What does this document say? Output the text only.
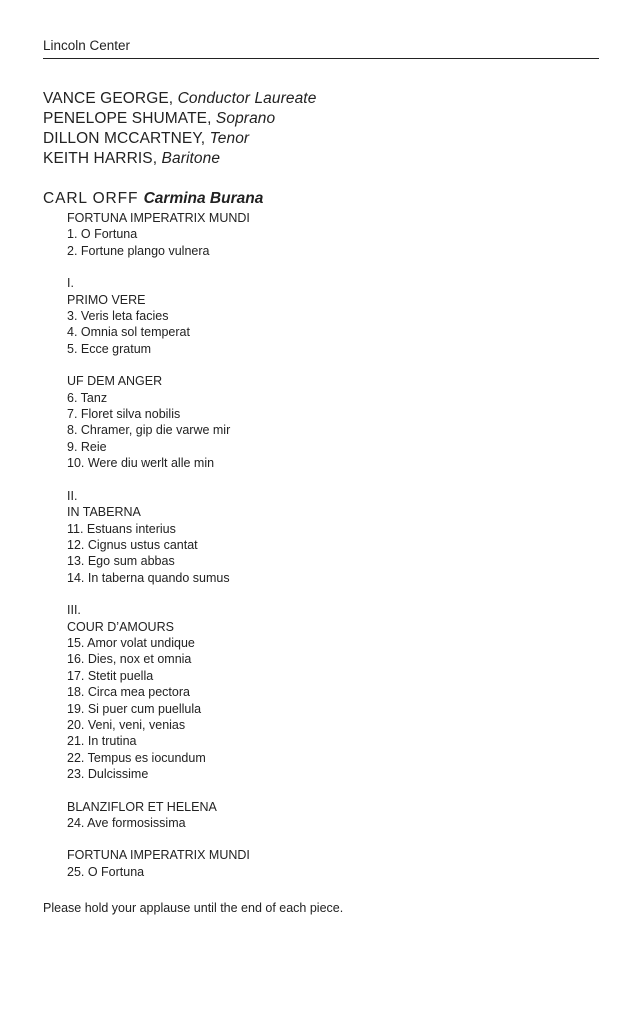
Lincoln Center
VANCE GEORGE, Conductor Laureate
PENELOPE SHUMATE, Soprano
DILLON MCCARTNEY, Tenor
KEITH HARRIS, Baritone
CARL ORFF Carmina Burana
FORTUNA IMPERATRIX MUNDI
1. O Fortuna
2. Fortune plango vulnera
I.
PRIMO VERE
3. Veris leta facies
4. Omnia sol temperat
5. Ecce gratum
UF DEM ANGER
6. Tanz
7. Floret silva nobilis
8. Chramer, gip die varwe mir
9. Reie
10. Were diu werlt alle min
II.
IN TABERNA
11. Estuans interius
12. Cignus ustus cantat
13. Ego sum abbas
14. In taberna quando sumus
III.
COUR D’AMOURS
15. Amor volat undique
16. Dies, nox et omnia
17. Stetit puella
18. Circa mea pectora
19. Si puer cum puellula
20. Veni, veni, venias
21. In trutina
22. Tempus es iocundum
23. Dulcissime
BLANZIFLOR ET HELENA
24. Ave formosissima
FORTUNA IMPERATRIX MUNDI
25. O Fortuna
Please hold your applause until the end of each piece.
